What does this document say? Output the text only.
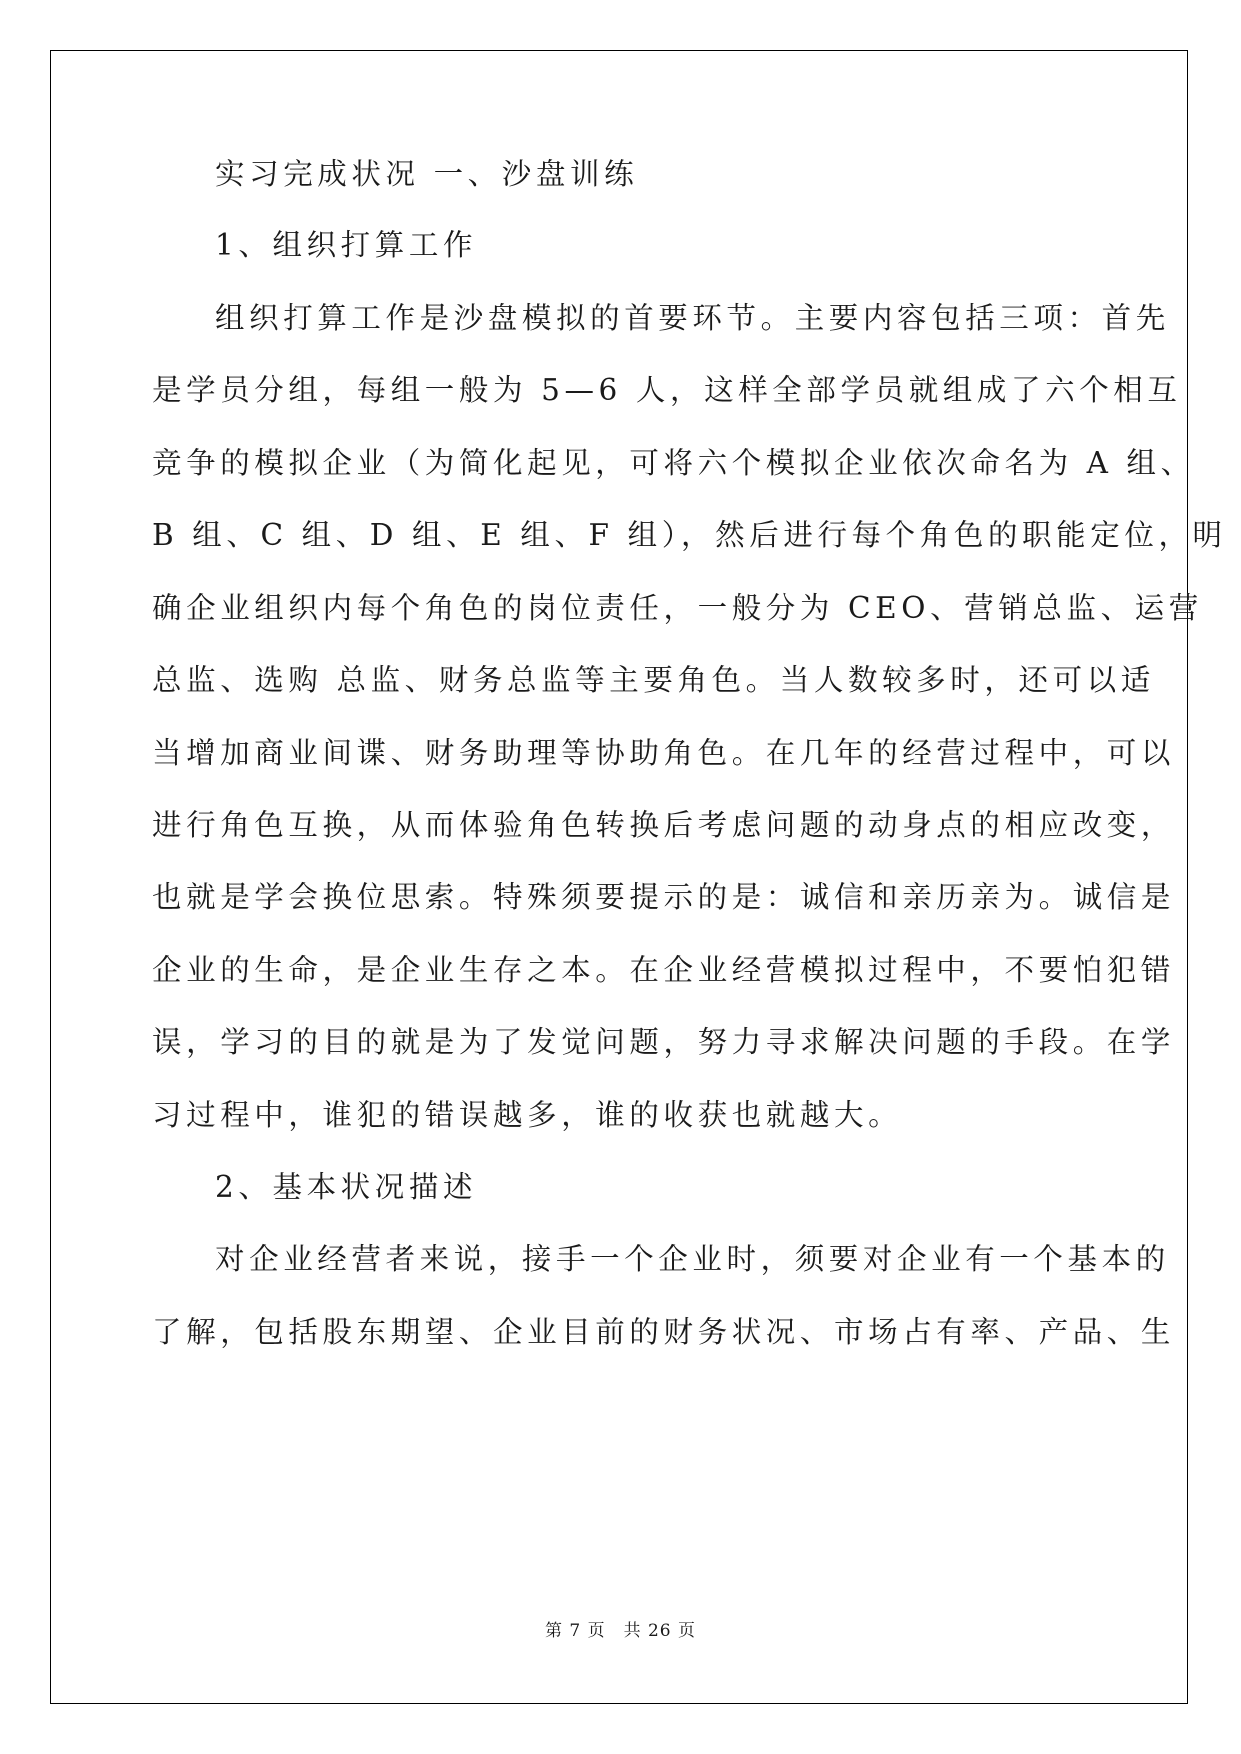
实习完成状况 一、沙盘训练
1、组织打算工作
组织打算工作是沙盘模拟的首要环节。主要内容包括三项：首先
是学员分组，每组一般为 5—6 人，这样全部学员就组成了六个相互
竞争的模拟企业（为简化起见，可将六个模拟企业依次命名为 A 组、
B 组、C 组、D 组、E 组、F 组），然后进行每个角色的职能定位，明
确企业组织内每个角色的岗位责任，一般分为 CEO、营销总监、运营
总监、选购 总监、财务总监等主要角色。当人数较多时，还可以适
当增加商业间谍、财务助理等协助角色。在几年的经营过程中，可以
进行角色互换，从而体验角色转换后考虑问题的动身点的相应改变，
也就是学会换位思索。特殊须要提示的是：诚信和亲历亲为。诚信是
企业的生命，是企业生存之本。在企业经营模拟过程中，不要怕犯错
误，学习的目的就是为了发觉问题，努力寻求解决问题的手段。在学
习过程中，谁犯的错误越多，谁的收获也就越大。
2、基本状况描述
对企业经营者来说，接手一个企业时，须要对企业有一个基本的
了解，包括股东期望、企业目前的财务状况、市场占有率、产品、生
第 7 页　共 26 页
